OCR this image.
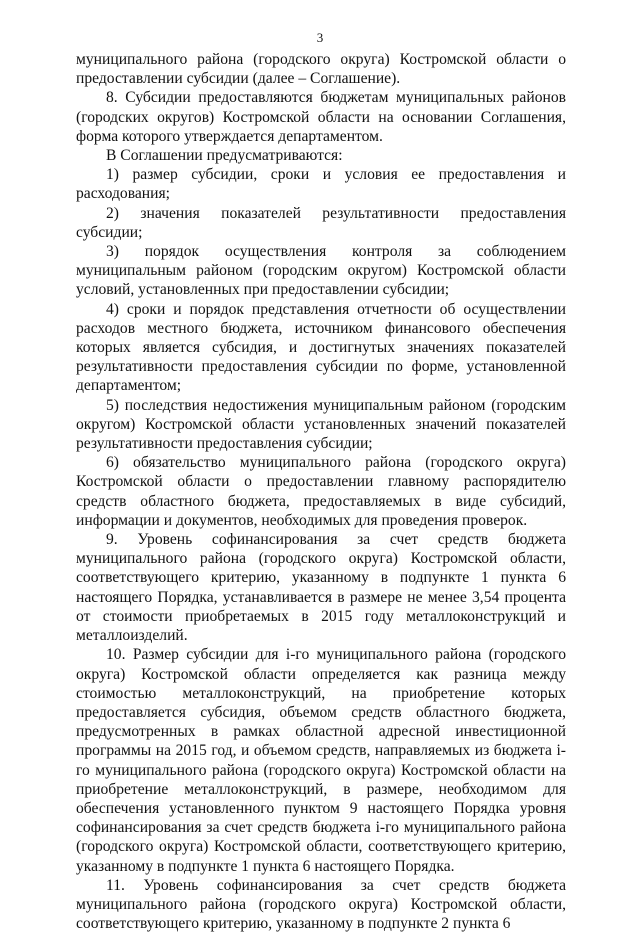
3

муниципального района (городского округа) Костромской области о предоставлении субсидии (далее – Соглашение).

8. Субсидии предоставляются бюджетам муниципальных районов (городских округов) Костромской области на основании Соглашения, форма которого утверждается департаментом.

В Соглашении предусматриваются:

1) размер субсидии, сроки и условия ее предоставления и расходования;

2) значения показателей результативности предоставления субсидии;

3) порядок осуществления контроля за соблюдением муниципальным районом (городским округом) Костромской области условий, установленных при предоставлении субсидии;

4) сроки и порядок представления отчетности об осуществлении расходов местного бюджета, источником финансового обеспечения которых является субсидия, и достигнутых значениях показателей результативности предоставления субсидии по форме, установленной департаментом;

5) последствия недостижения муниципальным районом (городским округом) Костромской области установленных значений показателей результативности предоставления субсидии;

6) обязательство муниципального района (городского округа) Костромской области о предоставлении главному распорядителю средств областного бюджета, предоставляемых в виде субсидий, информации и документов, необходимых для проведения проверок.

9. Уровень софинансирования за счет средств бюджета муниципального района (городского округа) Костромской области, соответствующего критерию, указанному в подпункте 1 пункта 6 настоящего Порядка, устанавливается в размере не менее 3,54 процента от стоимости приобретаемых в 2015 году металлоконструкций и металлоизделий.

10. Размер субсидии для i-го муниципального района (городского округа) Костромской области определяется как разница между стоимостью металлоконструкций, на приобретение которых предоставляется субсидия, объемом средств областного бюджета, предусмотренных в рамках областной адресной инвестиционной программы на 2015 год, и объемом средств, направляемых из бюджета i-го муниципального района (городского округа) Костромской области на приобретение металлоконструкций, в размере, необходимом для обеспечения установленного пунктом 9 настоящего Порядка уровня софинансирования за счет средств бюджета i-го муниципального района (городского округа) Костромской области, соответствующего критерию, указанному в подпункте 1 пункта 6 настоящего Порядка.

11. Уровень софинансирования за счет средств бюджета муниципального района (городского округа) Костромской области, соответствующего критерию, указанному в подпункте 2 пункта 6
